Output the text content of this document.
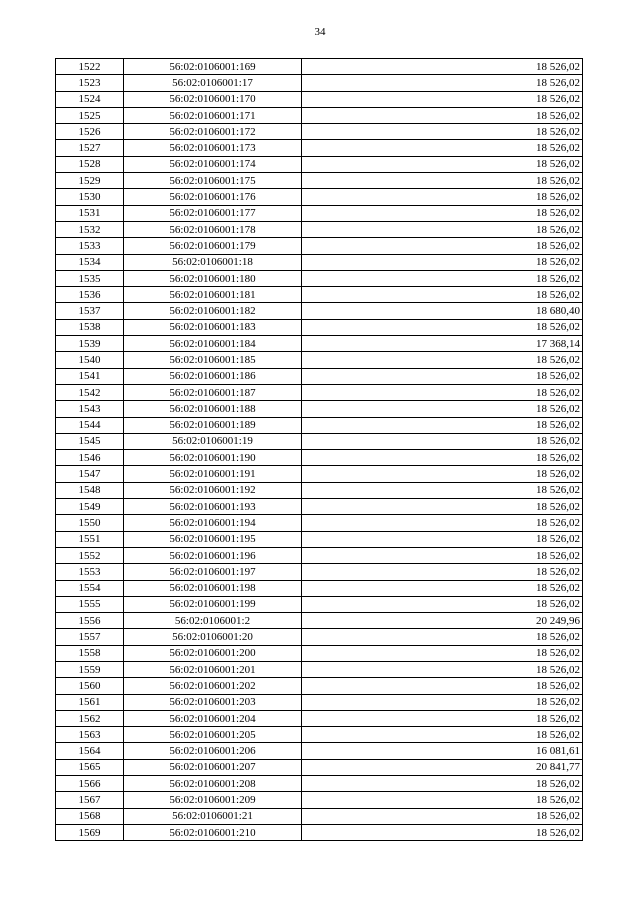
34
1522	56:02:0106001:169	18 526,02
1523	56:02:0106001:17	18 526,02
1524	56:02:0106001:170	18 526,02
1525	56:02:0106001:171	18 526,02
1526	56:02:0106001:172	18 526,02
1527	56:02:0106001:173	18 526,02
1528	56:02:0106001:174	18 526,02
1529	56:02:0106001:175	18 526,02
1530	56:02:0106001:176	18 526,02
1531	56:02:0106001:177	18 526,02
1532	56:02:0106001:178	18 526,02
1533	56:02:0106001:179	18 526,02
1534	56:02:0106001:18	18 526,02
1535	56:02:0106001:180	18 526,02
1536	56:02:0106001:181	18 526,02
1537	56:02:0106001:182	18 680,40
1538	56:02:0106001:183	18 526,02
1539	56:02:0106001:184	17 368,14
1540	56:02:0106001:185	18 526,02
1541	56:02:0106001:186	18 526,02
1542	56:02:0106001:187	18 526,02
1543	56:02:0106001:188	18 526,02
1544	56:02:0106001:189	18 526,02
1545	56:02:0106001:19	18 526,02
1546	56:02:0106001:190	18 526,02
1547	56:02:0106001:191	18 526,02
1548	56:02:0106001:192	18 526,02
1549	56:02:0106001:193	18 526,02
1550	56:02:0106001:194	18 526,02
1551	56:02:0106001:195	18 526,02
1552	56:02:0106001:196	18 526,02
1553	56:02:0106001:197	18 526,02
1554	56:02:0106001:198	18 526,02
1555	56:02:0106001:199	18 526,02
1556	56:02:0106001:2	20 249,96
1557	56:02:0106001:20	18 526,02
1558	56:02:0106001:200	18 526,02
1559	56:02:0106001:201	18 526,02
1560	56:02:0106001:202	18 526,02
1561	56:02:0106001:203	18 526,02
1562	56:02:0106001:204	18 526,02
1563	56:02:0106001:205	18 526,02
1564	56:02:0106001:206	16 081,61
1565	56:02:0106001:207	20 841,77
1566	56:02:0106001:208	18 526,02
1567	56:02:0106001:209	18 526,02
1568	56:02:0106001:21	18 526,02
1569	56:02:0106001:210	18 526,02
